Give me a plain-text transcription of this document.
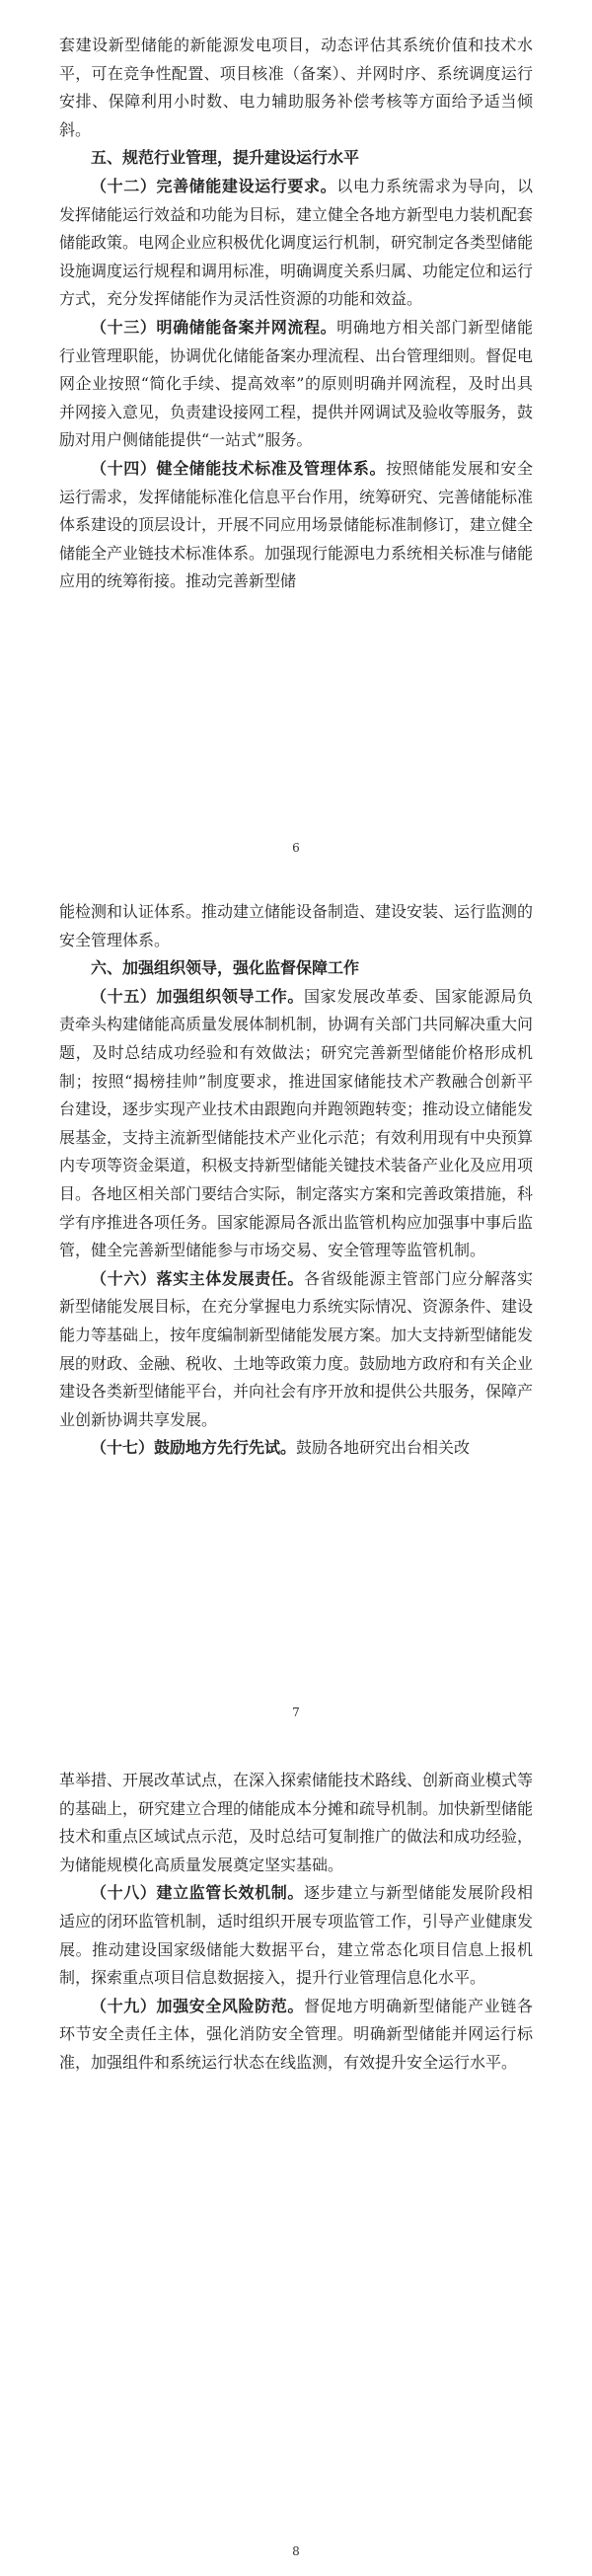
套建设新型储能的新能源发电项目，动态评估其系统价值和技术水平，可在竞争性配置、项目核准（备案）、并网时序、系统调度运行安排、保障利用小时数、电力辅助服务补偿考核等方面给予适当倾斜。

五、规范行业管理，提升建设运行水平

（十二）完善储能建设运行要求。以电力系统需求为导向，以发挥储能运行效益和功能为目标，建立健全各地方新型电力装机配套储能政策。电网企业应积极优化调度运行机制，研究制定各类型储能设施调度运行规程和调用标准，明确调度关系归属、功能定位和运行方式，充分发挥储能作为灵活性资源的功能和效益。

（十三）明确储能备案并网流程。明确地方相关部门新型储能行业管理职能，协调优化储能备案办理流程、出台管理细则。督促电网企业按照“简化手续、提高效率”的原则明确并网流程，及时出具并网接入意见，负责建设接网工程，提供并网调试及验收等服务，鼓励对用户侧储能提供“一站式”服务。

（十四）健全储能技术标准及管理体系。按照储能发展和安全运行需求，发挥储能标准化信息平台作用，统筹研究、完善储能标准体系建设的顶层设计，开展不同应用场景储能标准制修订，建立健全储能全产业链技术标准体系。加强现行能源电力系统相关标准与储能应用的统筹衔接。推动完善新型储

6

能检测和认证体系。推动建立储能设备制造、建设安装、运行监测的安全管理体系。

六、加强组织领导，强化监督保障工作

（十五）加强组织领导工作。国家发展改革委、国家能源局负责牵头构建储能高质量发展体制机制，协调有关部门共同解决重大问题，及时总结成功经验和有效做法；研究完善新型储能价格形成机制；按照“揭榜挂帅”制度要求，推进国家储能技术产教融合创新平台建设，逐步实现产业技术由跟跑向并跑领跑转变；推动设立储能发展基金，支持主流新型储能技术产业化示范；有效利用现有中央预算内专项等资金渠道，积极支持新型储能关键技术装备产业化及应用项目。各地区相关部门要结合实际，制定落实方案和完善政策措施，科学有序推进各项任务。国家能源局各派出监管机构应加强事中事后监管，健全完善新型储能参与市场交易、安全管理等监管机制。

（十六）落实主体发展责任。各省级能源主管部门应分解落实新型储能发展目标，在充分掌握电力系统实际情况、资源条件、建设能力等基础上，按年度编制新型储能发展方案。加大支持新型储能发展的财政、金融、税收、土地等政策力度。鼓励地方政府和有关企业建设各类新型储能平台，并向社会有序开放和提供公共服务，保障产业创新协调共享发展。

（十七）鼓励地方先行先试。鼓励各地研究出台相关改

7

革举措、开展改革试点，在深入探索储能技术路线、创新商业模式等的基础上，研究建立合理的储能成本分摊和疏导机制。加快新型储能技术和重点区域试点示范，及时总结可复制推广的做法和成功经验，为储能规模化高质量发展奠定坚实基础。

（十八）建立监管长效机制。逐步建立与新型储能发展阶段相适应的闭环监管机制，适时组织开展专项监管工作，引导产业健康发展。推动建设国家级储能大数据平台，建立常态化项目信息上报机制，探索重点项目信息数据接入，提升行业管理信息化水平。

（十九）加强安全风险防范。督促地方明确新型储能产业链各环节安全责任主体，强化消防安全管理。明确新型储能并网运行标准，加强组件和系统运行状态在线监测，有效提升安全运行水平。

8
